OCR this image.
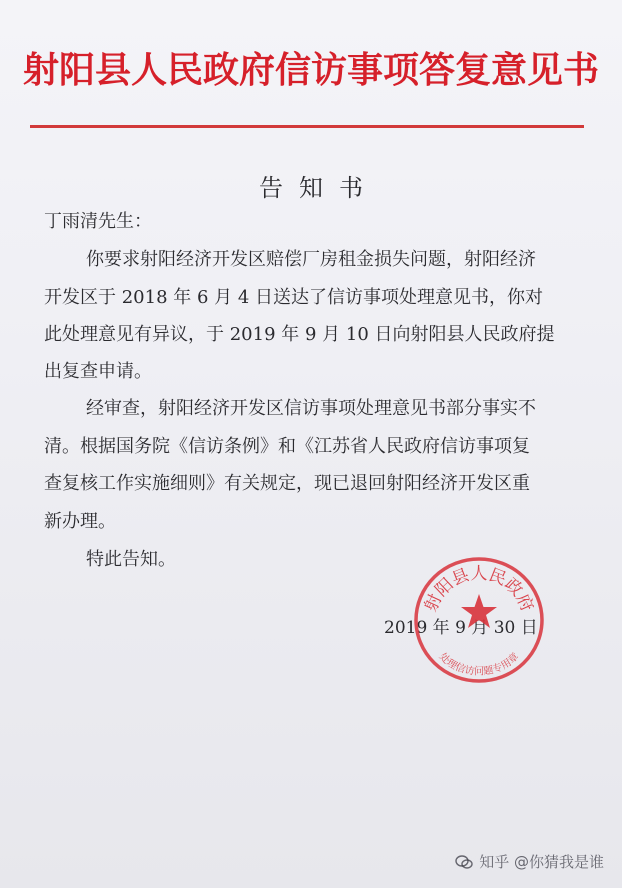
射阳县人民政府信访事项答复意见书
告知书
丁雨清先生：
你要求射阳经济开发区赔偿厂房租金损失问题，射阳经济
开发区于 2018 年 6 月 4 日送达了信访事项处理意见书，你对
此处理意见有异议，于 2019 年 9 月 10 日向射阳县人民政府提
出复查申请。
经审查，射阳经济开发区信访事项处理意见书部分事实不
清。根据国务院《信访条例》和《江苏省人民政府信访事项复
查复核工作实施细则》有关规定，现已退回射阳经济开发区重
新办理。
特此告知。
2019 年 9 月 30 日
射阳县人民政府
处理信访问题专用章
知乎 @你猜我是谁
